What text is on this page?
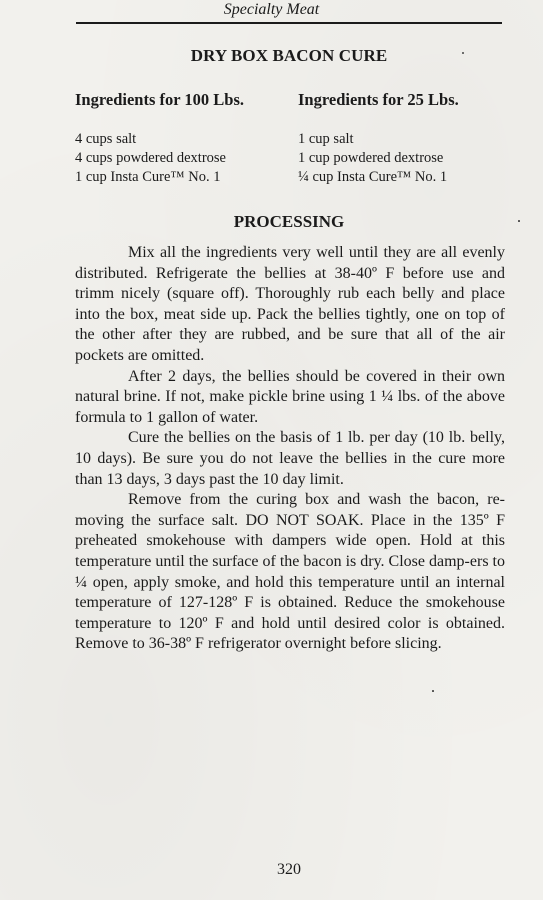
Specialty Meat
DRY BOX BACON CURE
Ingredients for 100 Lbs.
4 cups salt
4 cups powdered dextrose
1 cup Insta Cure™ No. 1
Ingredients for 25 Lbs.
1 cup salt
1 cup powdered dextrose
¼ cup Insta Cure™ No. 1
PROCESSING

Mix all the ingredients very well until they are all evenly distributed. Refrigerate the bellies at 38-40º F before use and trimm nicely (square off). Thoroughly rub each belly and place into the box, meat side up. Pack the bellies tightly, one on top of the other after they are rubbed, and be sure that all of the air pockets are omitted.

After 2 days, the bellies should be covered in their own natural brine. If not, make pickle brine using 1 ¼ lbs. of the above formula to 1 gallon of water.

Cure the bellies on the basis of 1 lb. per day (10 lb. belly, 10 days). Be sure you do not leave the bellies in the cure more than 13 days, 3 days past the 10 day limit.

Remove from the curing box and wash the bacon, re-moving the surface salt. DO NOT SOAK. Place in the 135º F preheated smokehouse with dampers wide open. Hold at this temperature until the surface of the bacon is dry. Close damp-ers to ¼ open, apply smoke, and hold this temperature until an internal temperature of 127-128º F is obtained. Reduce the smokehouse temperature to 120º F and hold until desired color is obtained. Remove to 36-38º F refrigerator overnight before slicing.

320
